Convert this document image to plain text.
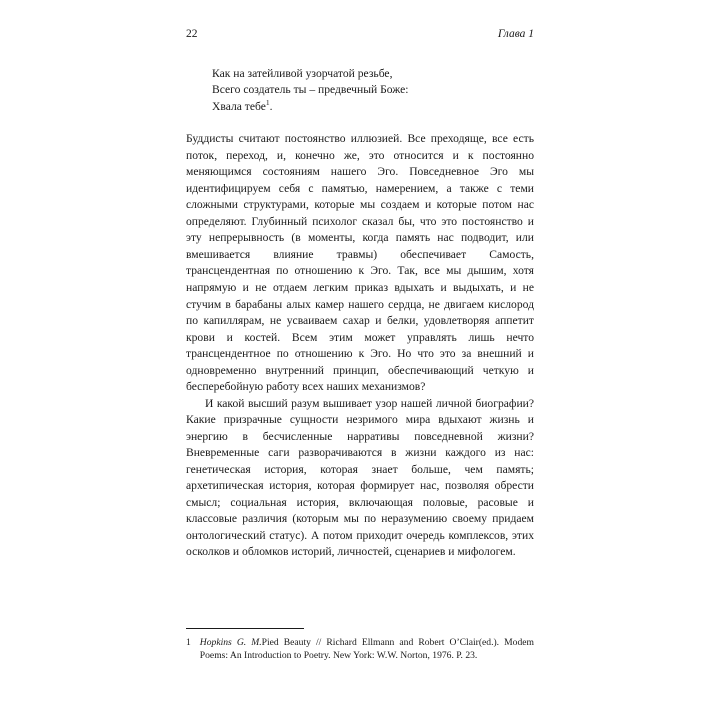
22	Глава 1
Как на затейливой узорчатой резьбе,
Всего создатель ты – предвечный Боже:
Хвала тебе$^1$.

Буддисты считают постоянство иллюзией. Все преходяще, все есть поток, переход, и, конечно же, это относится и к постоянно меняющимся состояниям нашего Эго. Повседневное Эго мы идентифицируем себя с памятью, намерением, а также с теми сложными структурами, которые мы создаем и которые потом нас определяют. Глубинный психолог сказал бы, что это постоянство и эту непрерывность (в моменты, когда память нас подводит, или вмешивается влияние травмы) обеспечивает Самость, трансцендентная по отношению к Эго. Так, все мы дышим, хотя напрямую и не отдаем легким приказ вдыхать и выдыхать, и не стучим в барабаны алых камер нашего сердца, не двигаем кислород по капиллярам, не усваиваем сахар и белки, удовлетворяя аппетит крови и костей. Всем этим может управлять лишь нечто трансцендентное по отношению к Эго. Но что это за внешний и одновременно внутренний принцип, обеспечивающий четкую и бесперебойную работу всех наших механизмов?

И какой высший разум вышивает узор нашей личной биографии? Какие призрачные сущности незримого мира вдыхают жизнь и энергию в бесчисленные нарративы повседневной жизни? Вневременные саги разворачиваются в жизни каждого из нас: генетическая история, которая знает больше, чем память; архетипическая история, которая формирует нас, позволяя обрести смысл; социальная история, включающая половые, расовые и классовые различия (которым мы по неразумению своему придаем онтологический статус). А потом приходит очередь комплексов, этих осколков и обломков историй, личностей, сценариев и мифологем.

1 Hopkins G. M.Pied Beauty // Richard Ellmann and Robert O’Clair(ed.). Modem Poems: An Introduction to Poetry. New York: W.W. Norton, 1976. P. 23.
